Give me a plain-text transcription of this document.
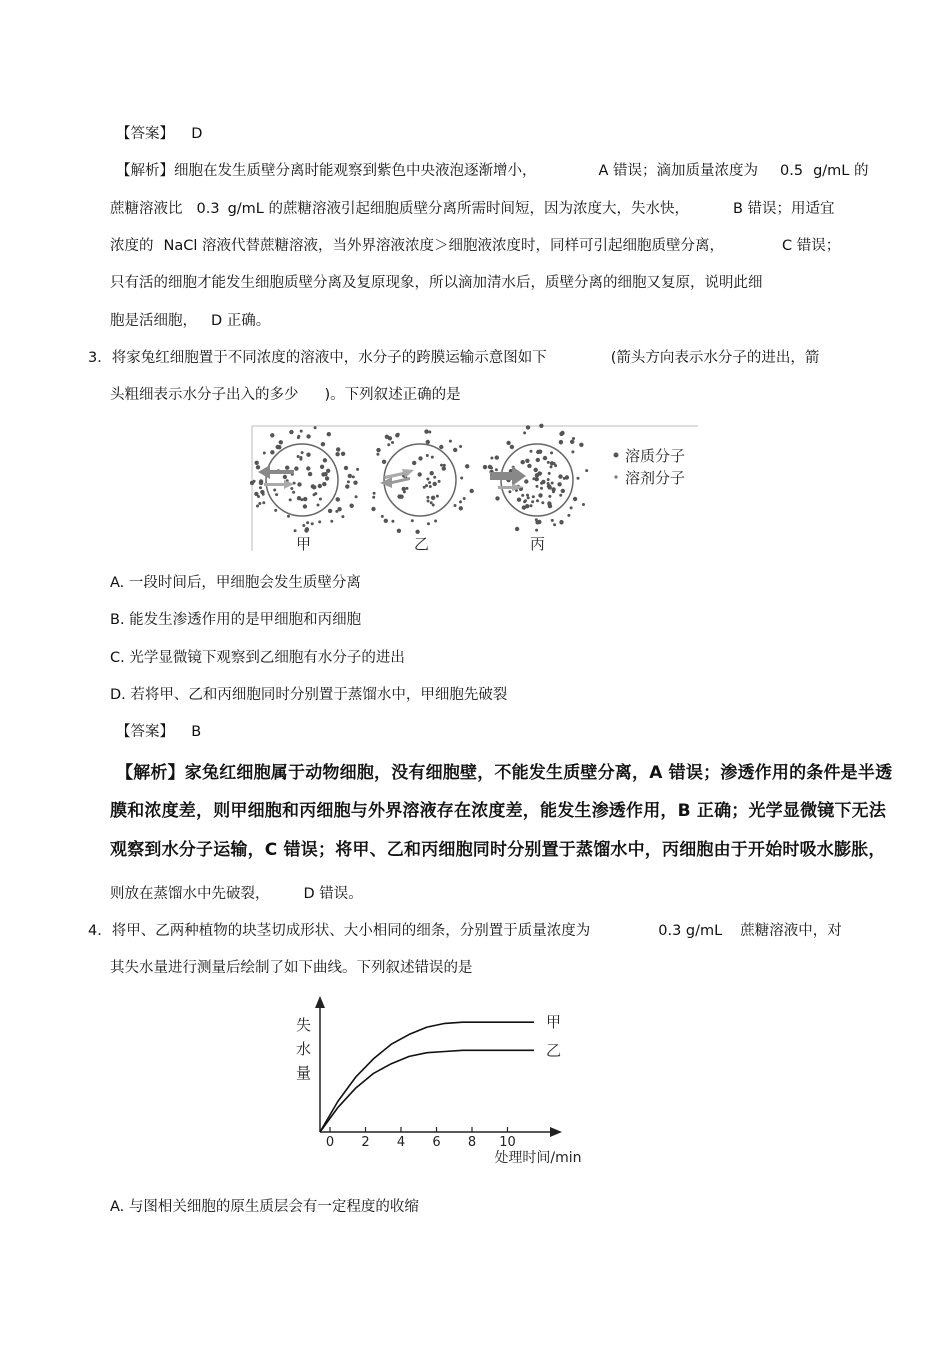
【答案】 D
【解析】细胞在发生质壁分离时能观察到紫色中央液泡逐渐增小，	A 错误；滴加质量浓度为 0.5 g/mL 的
蔗糖溶液比 0.3 g/mL 的蔗糖溶液引起细胞质壁分离所需时间短，因为浓度大，失水快，	B 错误；用适宜
浓度的 NaCl 溶液代替蔗糖溶液，当外界溶液浓度＞细胞液浓度时，同样可引起细胞质壁分离，	C 错误；
只有活的细胞才能发生细胞质壁分离及复原现象，所以滴加清水后，质壁分离的细胞又复原，说明此细
胞是活细胞， D 正确。
3．将家兔红细胞置于不同浓度的溶液中，水分子的跨膜运输示意图如下	(箭头方向表示水分子的进出，箭
头粗细表示水分子出入的多少 )。下列叙述正确的是
甲	乙	丙
溶质分子
溶剂分子
A. 一段时间后，甲细胞会发生质壁分离
B. 能发生渗透作用的是甲细胞和丙细胞
C. 光学显微镜下观察到乙细胞有水分子的进出
D. 若将甲、乙和丙细胞同时分别置于蒸馏水中，甲细胞先破裂
【答案】 B
【解析】家兔红细胞属于动物细胞，没有细胞壁，不能发生质壁分离，A 错误；渗透作用的条件是半透
膜和浓度差，则甲细胞和丙细胞与外界溶液存在浓度差，能发生渗透作用，B 正确；光学显微镜下无法
观察到水分子运输，C 错误；将甲、乙和丙细胞同时分别置于蒸馏水中，丙细胞由于开始时吸水膨胀，
则放在蒸馏水中先破裂， D 错误。
4．将甲、乙两种植物的块茎切成形状、大小相同的细条，分别置于质量浓度为	0.3 g/mL 蔗糖溶液中，对
其失水量进行测量后绘制了如下曲线。下列叙述错误的是
0 2 4 6 8 10
甲
乙
失
水
量
处理时间/min
A. 与图相关细胞的原生质层会有一定程度的收缩
